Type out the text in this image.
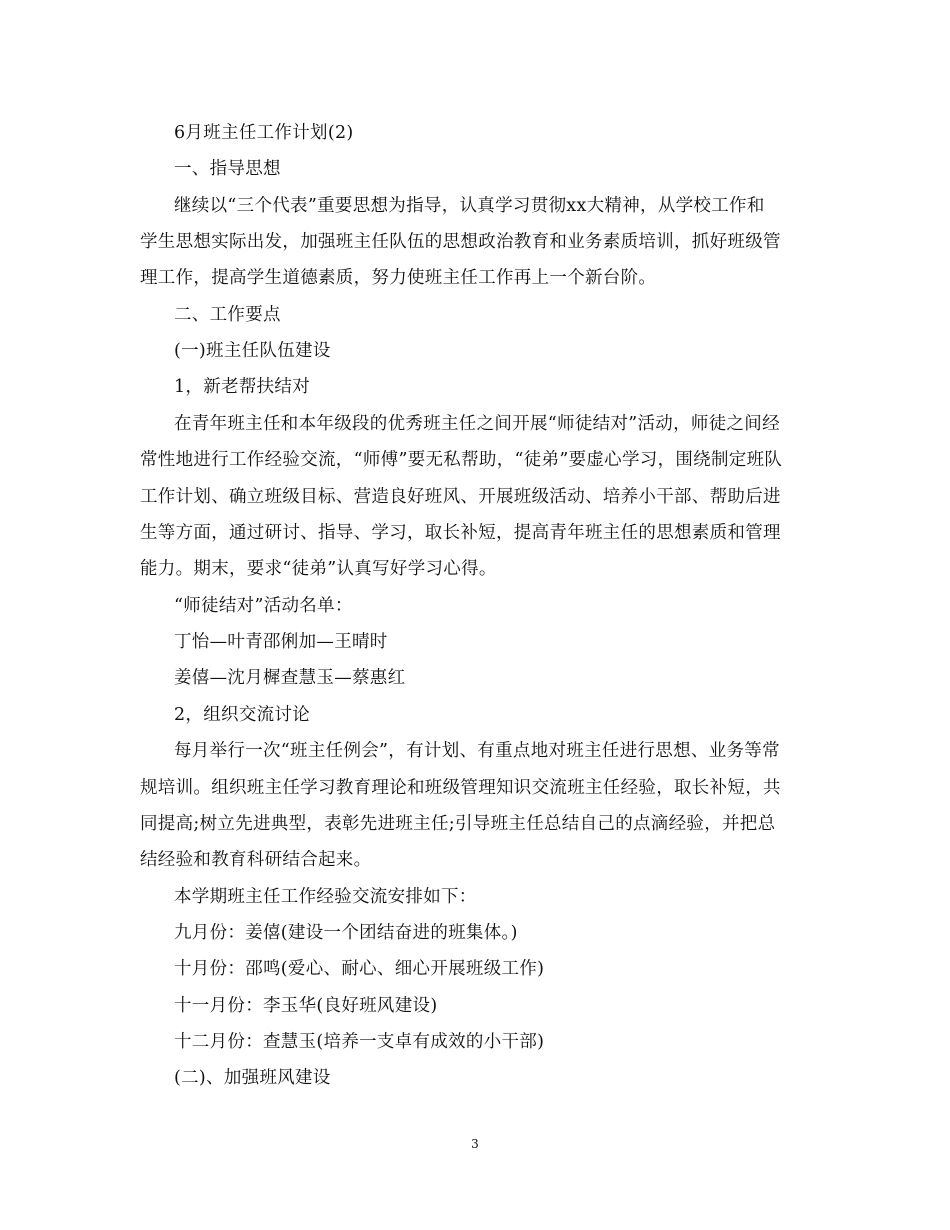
6月班主任工作计划(2)
一、指导思想
继续以“三个代表”重要思想为指导，认真学习贯彻xx大精神，从学校工作和
学生思想实际出发，加强班主任队伍的思想政治教育和业务素质培训，抓好班级管
理工作，提高学生道德素质，努力使班主任工作再上一个新台阶。
二、工作要点
(一)班主任队伍建设
1，新老帮扶结对
在青年班主任和本年级段的优秀班主任之间开展“师徒结对”活动，师徒之间经
常性地进行工作经验交流，“师傅”要无私帮助，“徒弟”要虚心学习，围绕制定班队
工作计划、确立班级目标、营造良好班风、开展班级活动、培养小干部、帮助后进
生等方面，通过研讨、指导、学习，取长补短，提高青年班主任的思想素质和管理
能力。期末，要求“徒弟”认真写好学习心得。
“师徒结对”活动名单：
丁怡—叶青邵俐加—王晴时
姜僖—沈月樨查慧玉—蔡惠红
2，组织交流讨论
每月举行一次“班主任例会”，有计划、有重点地对班主任进行思想、业务等常
规培训。组织班主任学习教育理论和班级管理知识交流班主任经验，取长补短，共
同提高;树立先进典型，表彰先进班主任;引导班主任总结自己的点滴经验，并把总
结经验和教育科研结合起来。
本学期班主任工作经验交流安排如下：
九月份：姜僖(建设一个团结奋进的班集体。)
十月份：邵鸣(爱心、耐心、细心开展班级工作)
十一月份：李玉华(良好班风建设)
十二月份：查慧玉(培养一支卓有成效的小干部)
(二)、加强班风建设
3
